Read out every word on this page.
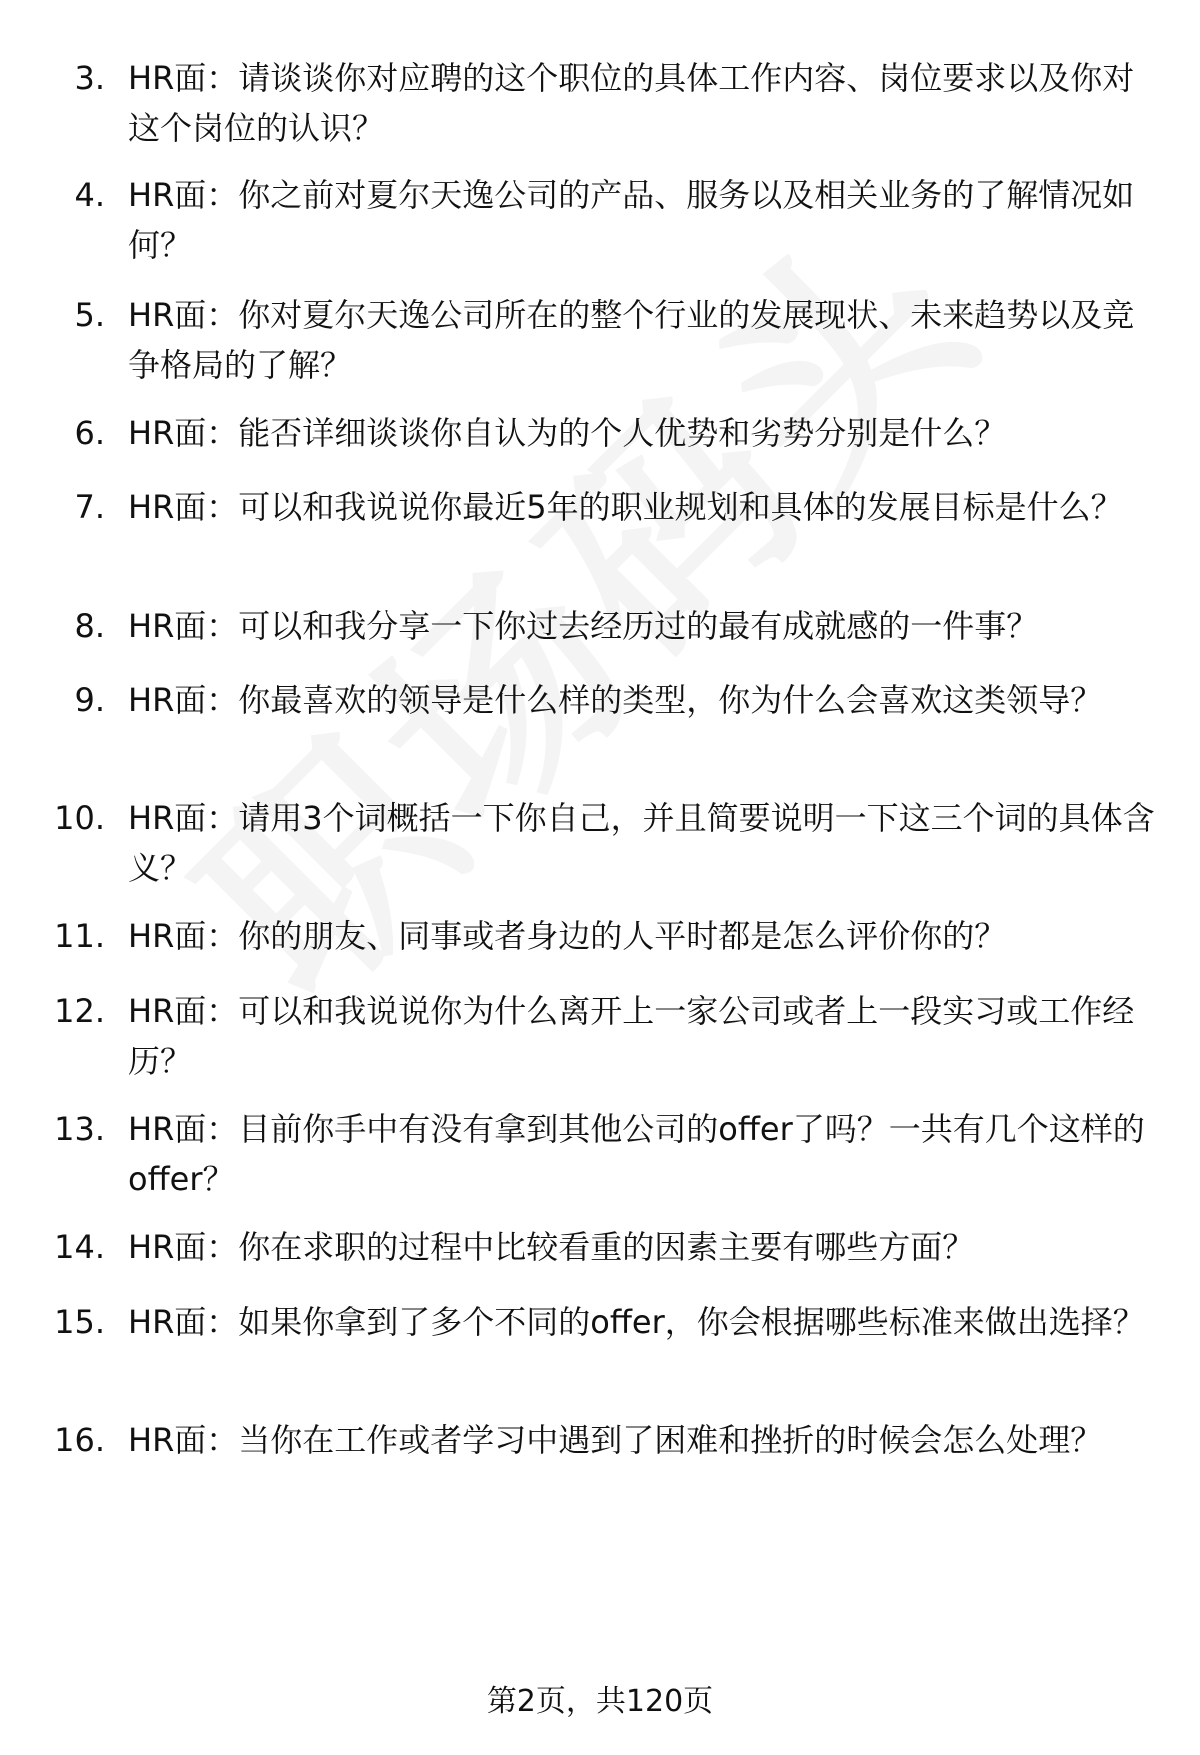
3. HR面：请谈谈你对应聘的这个职位的具体工作内容、岗位要求以及你对这个岗位的认识？
4. HR面：你之前对夏尔天逸公司的产品、服务以及相关业务的了解情况如何？
5. HR面：你对夏尔天逸公司所在的整个行业的发展现状、未来趋势以及竞争格局的了解？
6. HR面：能否详细谈谈你自认为的个人优势和劣势分别是什么？
7. HR面：可以和我说说你最近5年的职业规划和具体的发展目标是什么？
8. HR面：可以和我分享一下你过去经历过的最有成就感的一件事？
9. HR面：你最喜欢的领导是什么样的类型，你为什么会喜欢这类领导？
10. HR面：请用3个词概括一下你自己，并且简要说明一下这三个词的具体含义？
11. HR面：你的朋友、同事或者身边的人平时都是怎么评价你的？
12. HR面：可以和我说说你为什么离开上一家公司或者上一段实习或工作经历？
13. HR面：目前你手中有没有拿到其他公司的offer了吗？一共有几个这样的offer？
14. HR面：你在求职的过程中比较看重的因素主要有哪些方面？
15. HR面：如果你拿到了多个不同的offer，你会根据哪些标准来做出选择？
16. HR面：当你在工作或者学习中遇到了困难和挫折的时候会怎么处理？
第2页，共120页
